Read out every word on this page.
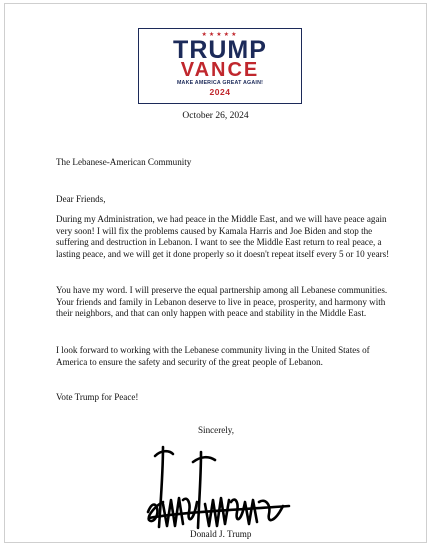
★★★★★
TRUMP
VANCE
MAKE AMERICA GREAT AGAIN!
2024
October 26, 2024

The Lebanese-American Community

Dear Friends,

During my Administration, we had peace in the Middle East, and we will have peace again very soon! I will fix the problems caused by Kamala Harris and Joe Biden and stop the suffering and destruction in Lebanon. I want to see the Middle East return to real peace, a lasting peace, and we will get it done properly so it doesn't repeat itself every 5 or 10 years!

You have my word. I will preserve the equal partnership among all Lebanese communities. Your friends and family in Lebanon deserve to live in peace, prosperity, and harmony with their neighbors, and that can only happen with peace and stability in the Middle East.

I look forward to working with the Lebanese community living in the United States of America to ensure the safety and security of the great people of Lebanon.

Vote Trump for Peace!

Sincerely,
Donald J. Trump
